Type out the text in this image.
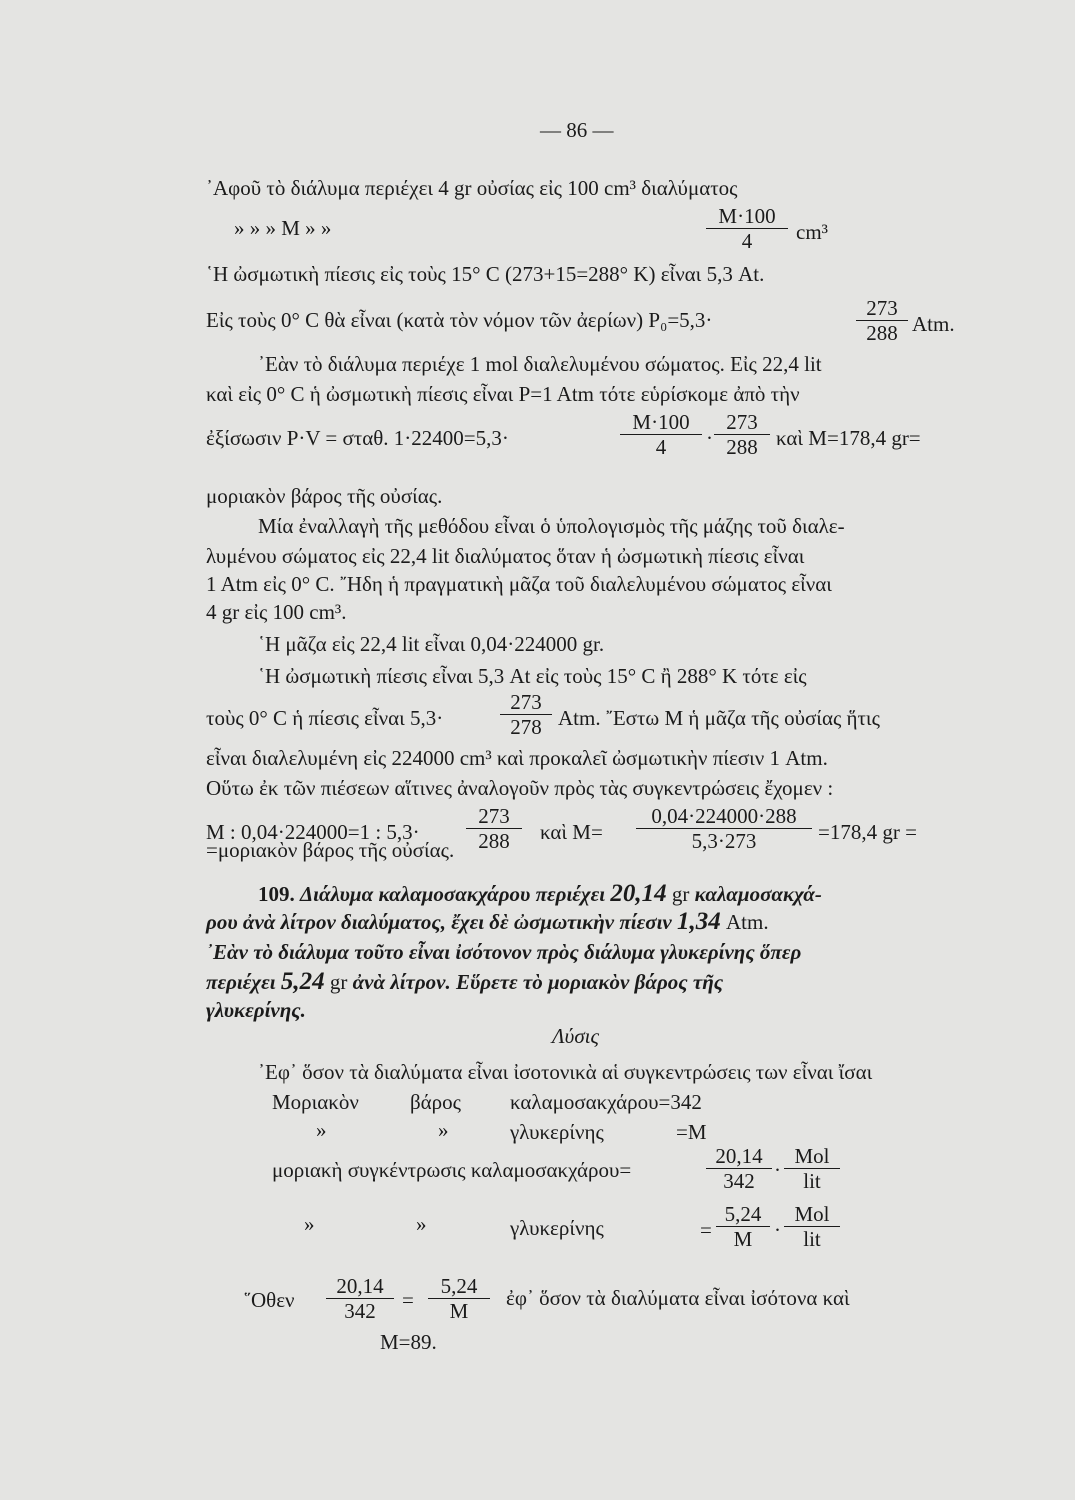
— 86 —
᾿Αφοῦ τὸ διάλυμα περιέχει 4 gr οὐσίας εἰς 100 cm³ διαλύματος
» » » Μ » »	$\frac{M\cdot 100}{4} cm^3$
῾Η ὠσμωτικὴ πίεσις εἰς τοὺς 15° C (273+15=288° K) εἶναι 5,3 At.
Εἰς τοὺς 0° C θὰ εἶναι (κατὰ τὸν νόμον τῶν ἀερίων) P₀=5,3·	$\frac{273}{288}$ Atm.
᾿Εὰν τὸ διάλυμα περιέχε 1 mol διαλελυμένου σώματος. Εἰς 22,4 lit
καὶ εἰς 0° C ἡ ὠσμωτικὴ πίεσις εἶναι P=1 Atm τότε εὑρίσκομε ἀπὸ τὴν
ἐξίσωσιν P·V = σταθ. 1·22400=5,3·	$\frac{M\cdot 100}{4} \cdot \frac{273}{288}$ καὶ Μ=178,4 gr=
μοριακὸν βάρος τῆς οὐσίας.
Μία ἐναλλαγὴ τῆς μεθόδου εἶναι ὁ ὑπολογισμὸς τῆς μάζης τοῦ διαλε-
λυμένου σώματος εἰς 22,4 lit διαλύματος ὅταν ἡ ὠσμωτικὴ πίεσις εἶναι
1 Atm εἰς 0° C. ῎Ηδη ἡ πραγματικὴ μᾶζα τοῦ διαλελυμένου σώματος εἶναι
4 gr εἰς 100 cm³.
῾Η μᾶζα εἰς 22,4 lit εἶναι 0,04·224000 gr.
῾Η ὠσμωτικὴ πίεσις εἶναι 5,3 At εἰς τοὺς 15° C ἢ 288° K τότε εἰς
τοὺς 0° C ἡ πίεσις εἶναι 5,3·	$\frac{273}{278}$ Atm. ῎Εστω Μ ἡ μᾶζα τῆς οὐσίας ἥτις
εἶναι διαλελυμένη εἰς 224000 cm³ καὶ προκαλεῖ ὠσμωτικὴν πίεσιν 1 Atm.
Οὕτω ἐκ τῶν πιέσεων αἵτινες ἀναλογοῦν πρὸς τὰς συγκεντρώσεις ἔχομεν :
Μ : 0,04·224000=1 : $5,3\cdot \frac{273}{288}$ καὶ $M= \frac{0,04\cdot 224000\cdot 288}{5,3\cdot 273} =178,4$ gr =
=μοριακὸν βάρος τῆς οὐσίας.
109. Διάλυμα καλαμοσακχάρου περιέχει 20,14 gr καλαμοσακχά-
ρου ἀνὰ λίτρον διαλύματος, ἔχει δὲ ὠσμωτικὴν πίεσιν 1,34 Atm.
᾿Εὰν τὸ διάλυμα τοῦτο εἶναι ἰσότονον πρὸς διάλυμα γλυκερίνης ὅπερ
περιέχει 5,24 gr ἀνὰ λίτρον. Εὕρετε τὸ μοριακὸν βάρος τῆς
γλυκερίνης.
Λύσις
᾿Εφ᾿ ὅσον τὰ διαλύματα εἶναι ἰσοτονικὰ αἱ συγκεντρώσεις των εἶναι ἴσαι
Μοριακὸν βάρος καλαμοσακχάρου=342
»	»	γλυκερίνης	=Μ
μοριακὴ συγκέντρωσις καλαμοσακχάρου=	$\frac{20,14}{342}$ ·
Mol
lit
»	»	γλυκερίνης	= $\frac{5,24}{M}$ ·
Mol
lit
῞Οθεν $\frac{20,14}{342} = \frac{5,24}{M}$ ἐφ᾿ ὅσον τὰ διαλύματα εἶναι ἰσότονα καὶ
Μ=89.
